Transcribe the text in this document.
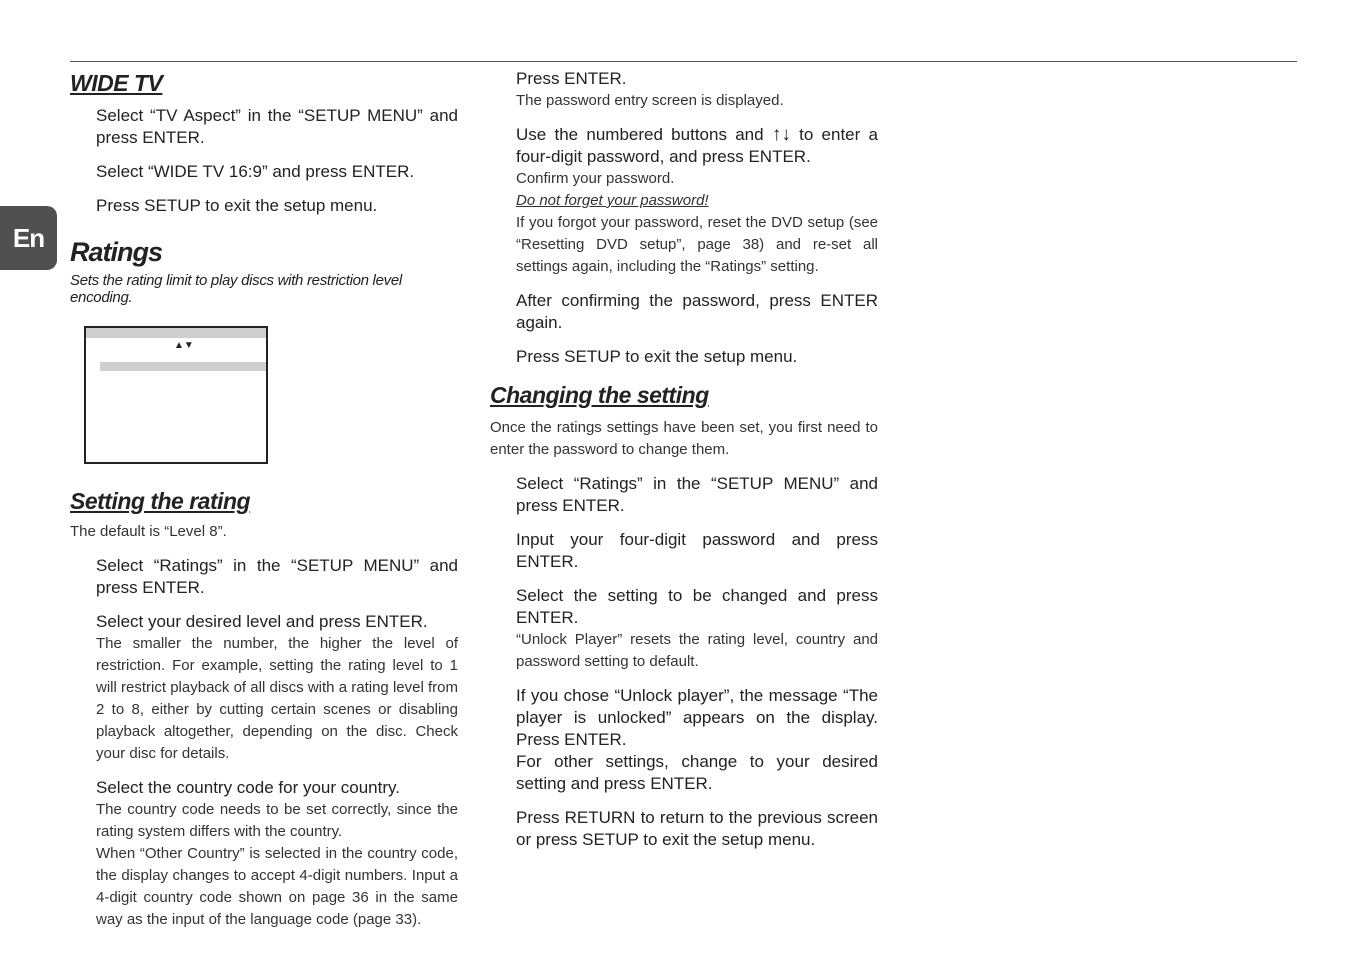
En
WIDE TV

Select “TV Aspect” in the “SETUP MENU” and press ENTER.

Select “WIDE TV 16:9” and press ENTER.

Press SETUP to exit the setup menu.

Ratings

Sets the rating limit to play discs with restriction level encoding.

▲▼
Setting the rating

The default is “Level 8”.

Select “Ratings” in the “SETUP MENU” and press ENTER.

Select your desired level and press ENTER.

The smaller the number, the higher the level of restriction. For example, setting the rating level to 1 will restrict playback of all discs with a rating level from 2 to 8, either by cutting certain scenes or disabling playback altogether, depending on the disc. Check your disc for details.

Select the country code for your country.

The country code needs to be set correctly, since the rating system differs with the country.

When “Other Country” is selected in the country code, the display changes to accept 4-digit numbers. Input a 4-digit country code shown on page 36 in the same way as the input of the language code (page 33).

Press ENTER.

The password entry screen is displayed.

Use the numbered buttons and ↑↓ to enter a four-digit password, and press ENTER.

Confirm your password.

Do not forget your password!

If you forgot your password, reset the DVD setup (see “Resetting DVD setup”, page 38) and re-set all settings again, including the “Ratings” setting.

After confirming the password, press ENTER again.

Press SETUP to exit the setup menu.

Changing the setting

Once the ratings settings have been set, you first need to enter the password to change them.

Select “Ratings” in the “SETUP MENU” and press ENTER.

Input your four-digit password and press ENTER.

Select the setting to be changed and press ENTER.

“Unlock Player” resets the rating level, country and password setting to default.

If you chose “Unlock player”, the message “The player is unlocked” appears on the display. Press ENTER.

For other settings, change to your desired setting and press ENTER.

Press RETURN to return to the previous screen or press SETUP to exit the setup menu.
